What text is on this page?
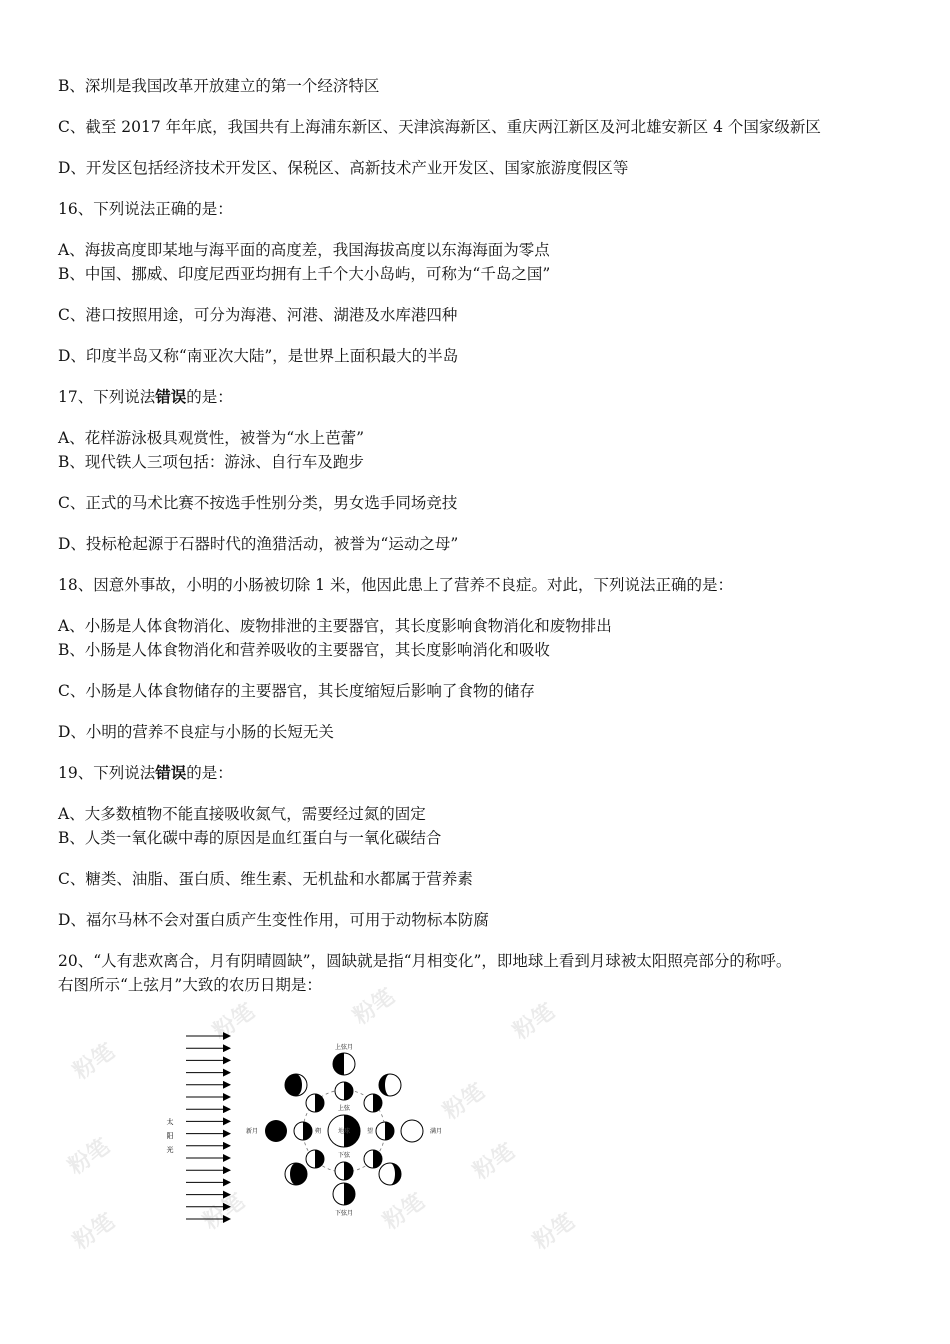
B、深圳是我国改革开放建立的第一个经济特区
C、截至 2017 年年底，我国共有上海浦东新区、天津滨海新区、重庆两江新区及河北雄安新区 4 个国家级新区
D、开发区包括经济技术开发区、保税区、高新技术产业开发区、国家旅游度假区等
16、下列说法正确的是：
A、海拔高度即某地与海平面的高度差，我国海拔高度以东海海面为零点
B、中国、挪威、印度尼西亚均拥有上千个大小岛屿，可称为“千岛之国”
C、港口按照用途，可分为海港、河港、湖港及水库港四种
D、印度半岛又称“南亚次大陆”，是世界上面积最大的半岛
17、下列说法错误的是：
A、花样游泳极具观赏性，被誉为“水上芭蕾”
B、现代铁人三项包括：游泳、自行车及跑步
C、正式的马术比赛不按选手性别分类，男女选手同场竞技
D、投标枪起源于石器时代的渔猎活动，被誉为“运动之母”
18、因意外事故，小明的小肠被切除 1 米，他因此患上了营养不良症。对此，下列说法正确的是：
A、小肠是人体食物消化、废物排泄的主要器官，其长度影响食物消化和废物排出
B、小肠是人体食物消化和营养吸收的主要器官，其长度影响消化和吸收
C、小肠是人体食物储存的主要器官，其长度缩短后影响了食物的储存
D、小明的营养不良症与小肠的长短无关
19、下列说法错误的是：
A、大多数植物不能直接吸收氮气，需要经过氮的固定
B、人类一氧化碳中毒的原因是血红蛋白与一氧化碳结合
C、糖类、油脂、蛋白质、维生素、无机盐和水都属于营养素
D、福尔马林不会对蛋白质产生变性作用，可用于动物标本防腐
20、“人有悲欢离合，月有阴晴圆缺”，圆缺就是指“月相变化”，即地球上看到月球被太阳照亮部分的称呼。
右图所示“上弦月”大致的农历日期是：
粉笔
粉笔	粉笔	粉笔
粉笔
粉笔	粉笔
粉笔	粉笔	粉笔	粉笔
太
阳
光
地球
上弦
下弦
朔	望
上弦月
下弦月
新月	满月
